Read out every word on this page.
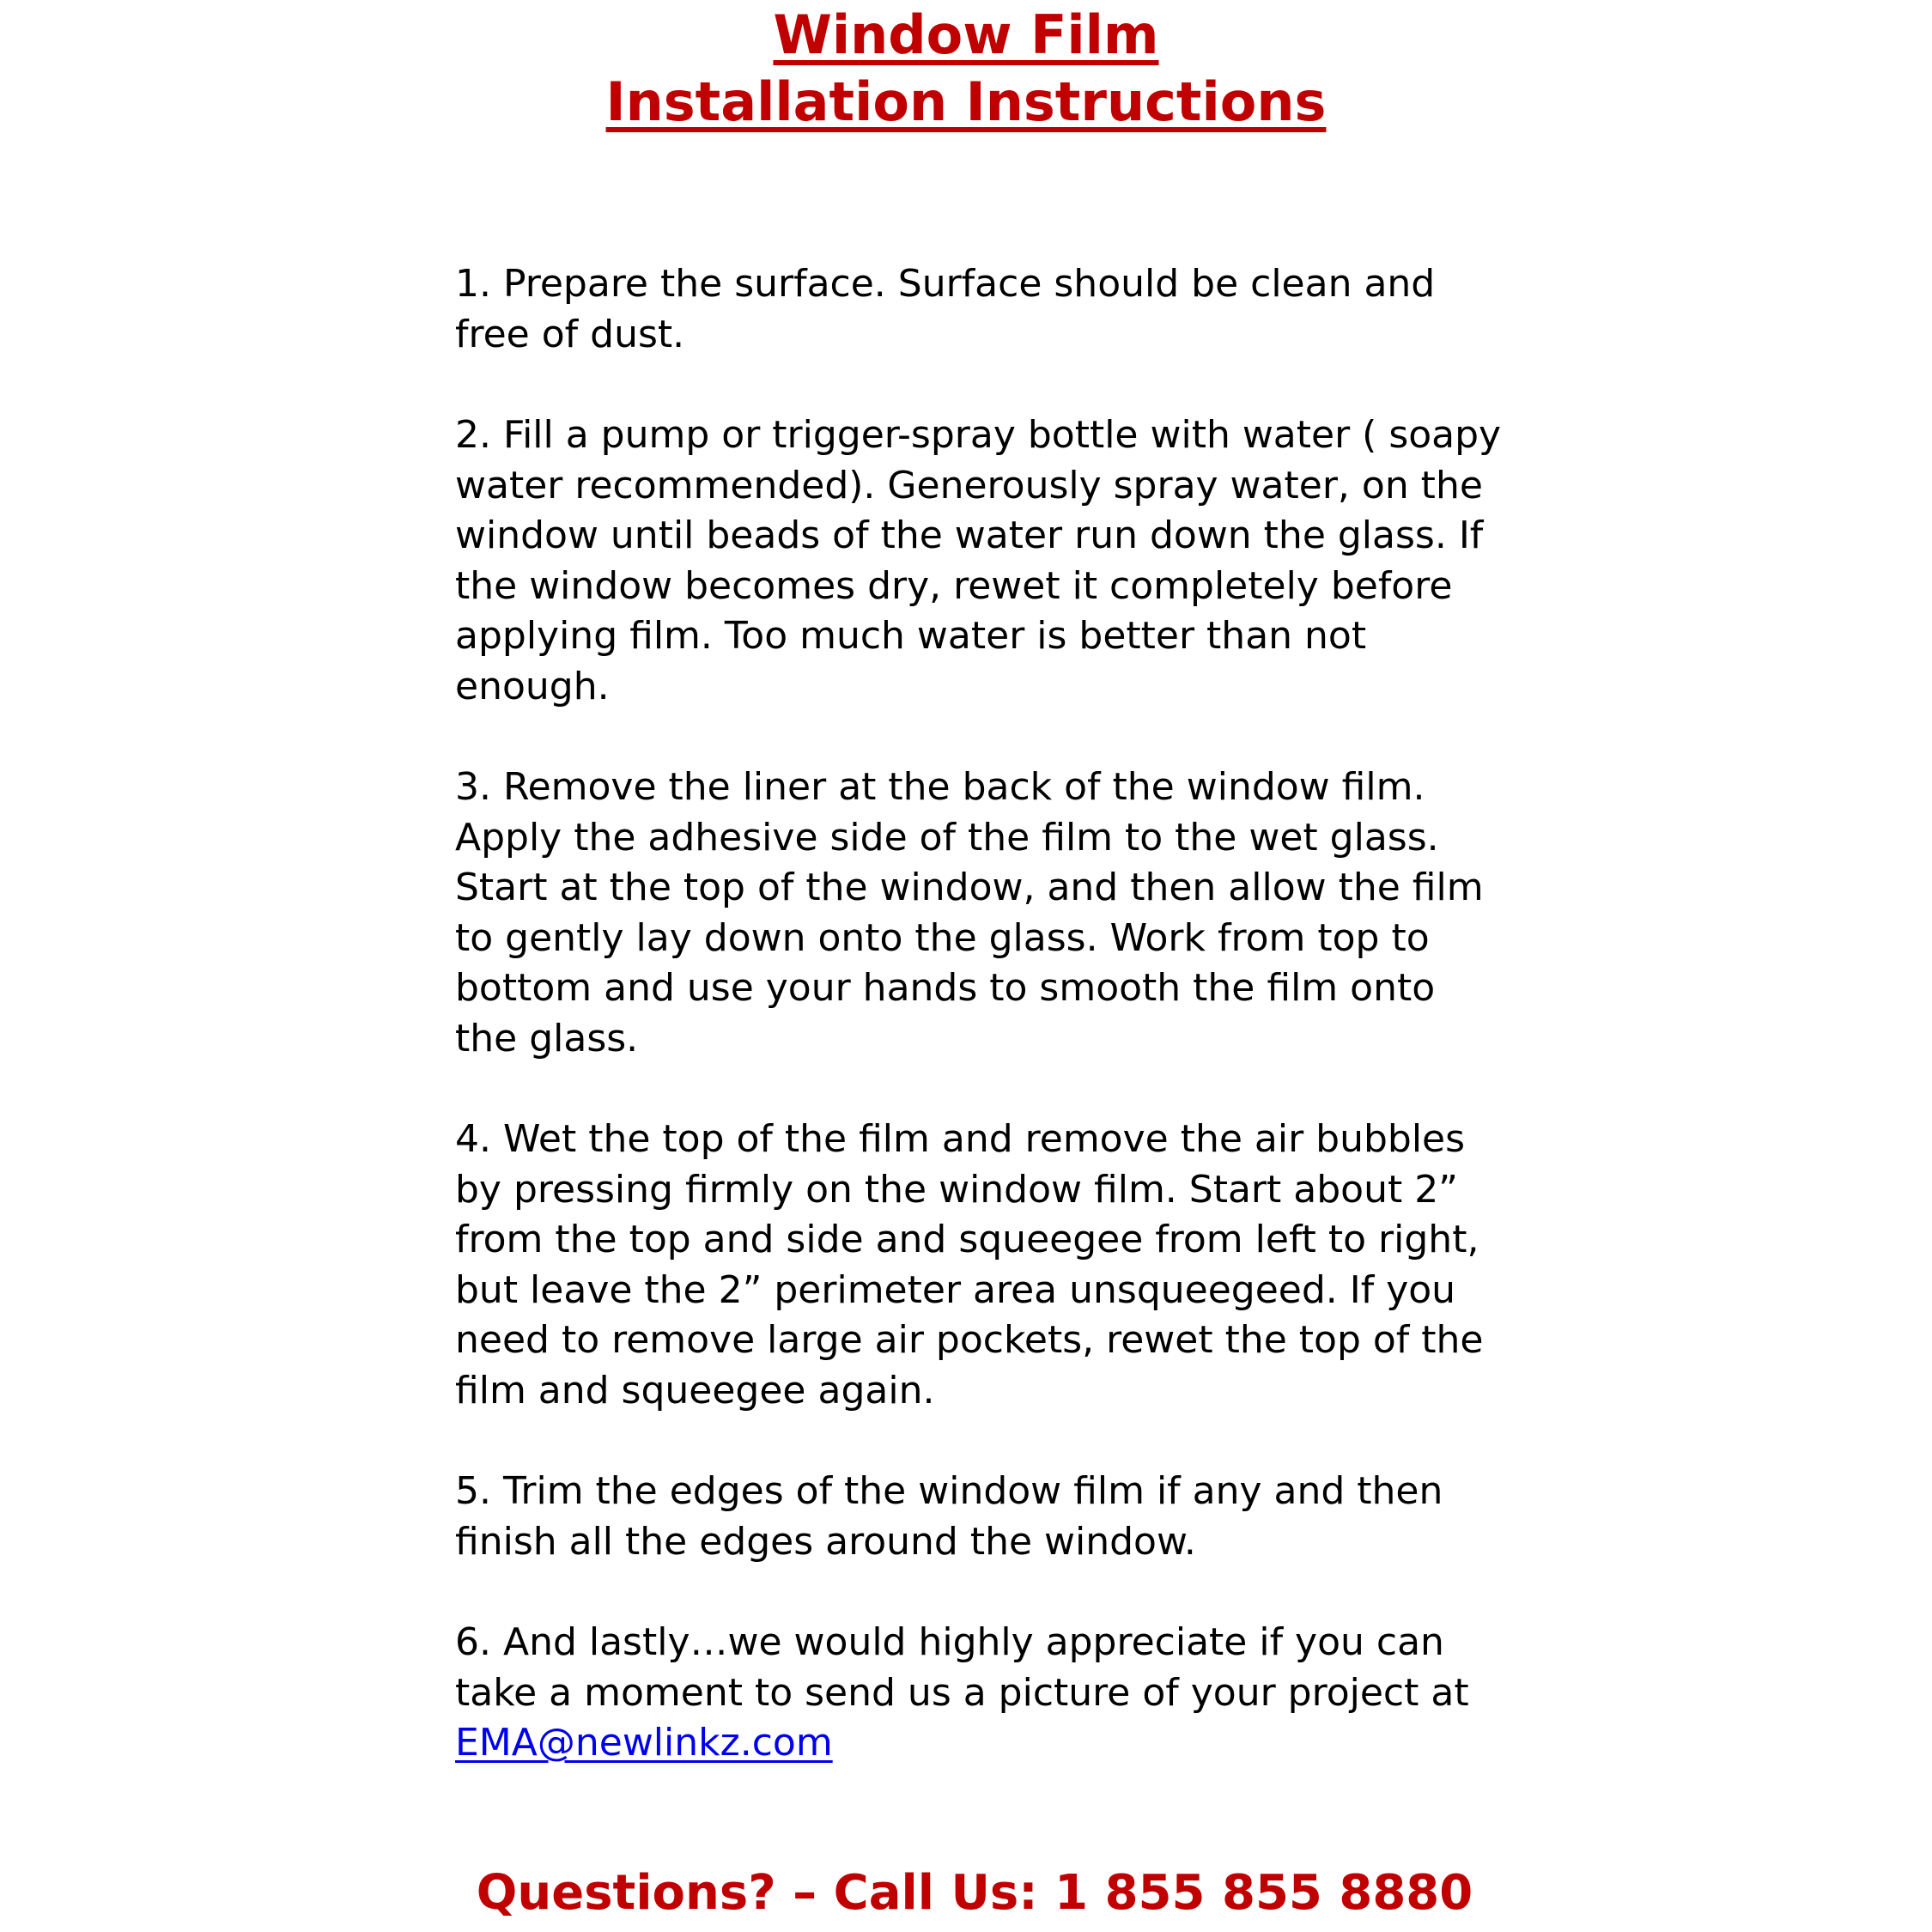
Window Film
Installation Instructions

1. Prepare the surface. Surface should be clean and free of dust.

2. Fill a pump or trigger-spray bottle with water ( soapy water recommended). Generously spray water, on the window until beads of the water run down the glass. If the window becomes dry, rewet it completely before applying film. Too much water is better than not enough.

3. Remove the liner at the back of the window film. Apply the adhesive side of the film to the wet glass. Start at the top of the window, and then allow the film to gently lay down onto the glass. Work from top to bottom and use your hands to smooth the film onto the glass.

4. Wet the top of the film and remove the air bubbles by pressing firmly on the window film. Start about 2” from the top and side and squeegee from left to right, but leave the 2” perimeter area unsqueegeed. If you need to remove large air pockets, rewet the top of the film and squeegee again.

5. Trim the edges of the window film if any and then finish all the edges around the window.

6. And lastly…we would highly appreciate if you can take a moment to send us a picture of your project at EMA@newlinkz.com

Questions? – Call Us: 1 855 855 8880
